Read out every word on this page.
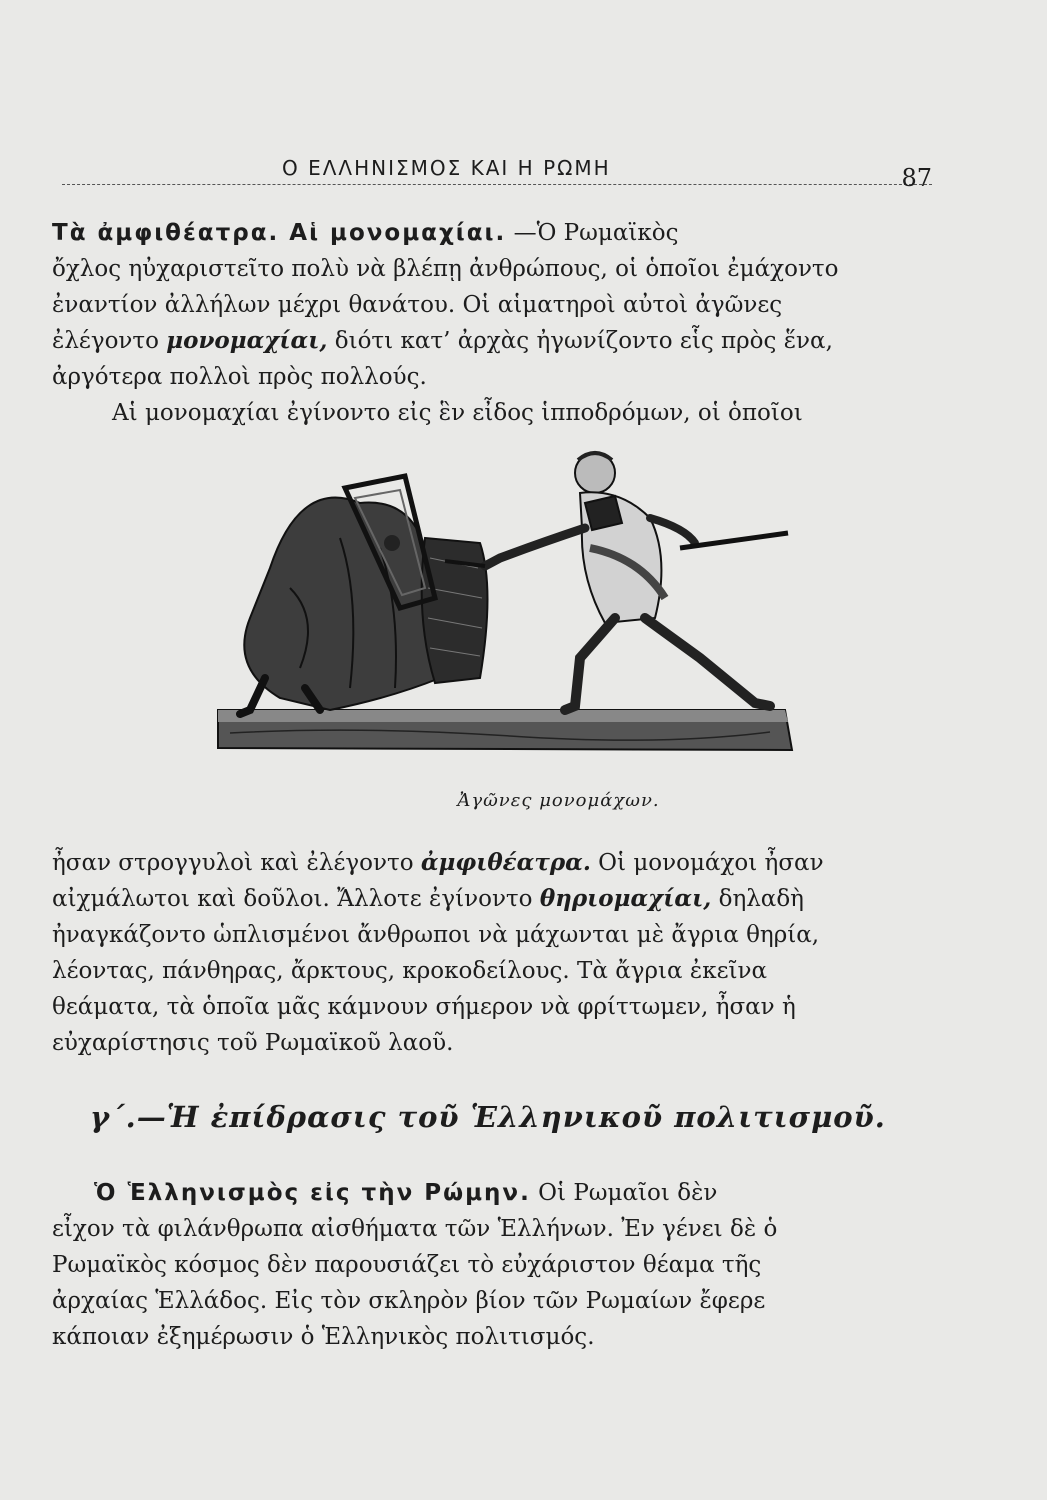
Ο ΕΛΛΗΝΙΣΜΟΣ ΚΑΙ Η ΡΩΜΗ	87
Τὰ ἀμφιθέατρα. Αἱ μονομαχίαι. —Ὁ Ρωμαϊκὸς
ὄχλος ηὐχαριστεῖτο πολὺ νὰ βλέπῃ ἀνθρώπους, οἱ ὁποῖοι ἐμάχοντο
ἐναντίον ἀλλήλων μέχρι θανάτου. Οἱ αἱματηροὶ αὐτοὶ ἀγῶνες
ἐλέγοντο μονομαχίαι, διότι κατ’ ἀρχὰς ἠγωνίζοντο εἷς πρὸς ἕνα,
ἀργότερα πολλοὶ πρὸς πολλούς.
Αἱ μονομαχίαι ἐγίνοντο εἰς ἓν εἶδος ἱπποδρόμων, οἱ ὁποῖοι
Ἀγῶνες μονομάχων.
ἦσαν στρογγυλοὶ καὶ ἐλέγοντο ἀμφιθέατρα. Οἱ μονομάχοι ἦσαν
αἰχμάλωτοι καὶ δοῦλοι. Ἄλλοτε ἐγίνοντο θηριομαχίαι, δηλαδὴ
ἠναγκάζοντο ὡπλισμένοι ἄνθρωποι νὰ μάχωνται μὲ ἄγρια θηρία,
λέοντας, πάνθηρας, ἄρκτους, κροκοδείλους. Τὰ ἄγρια ἐκεῖνα
θεάματα, τὰ ὁποῖα μᾶς κάμνουν σήμερον νὰ φρίττωμεν, ἦσαν ἡ
εὐχαρίστησις τοῦ Ρωμαϊκοῦ λαοῦ.
γ΄.—Ἡ ἐπίδρασις τοῦ Ἑλληνικοῦ πολιτισμοῦ.
Ὁ Ἑλληνισμὸς εἰς τὴν Ρώμην. Οἱ Ρωμαῖοι δὲν
εἶχον τὰ φιλάνθρωπα αἰσθήματα τῶν Ἑλλήνων. Ἐν γένει δὲ ὁ
Ρωμαϊκὸς κόσμος δὲν παρουσιάζει τὸ εὐχάριστον θέαμα τῆς
ἀρχαίας Ἑλλάδος. Εἰς τὸν σκληρὸν βίον τῶν Ρωμαίων ἔφερε
κάποιαν ἐξημέρωσιν ὁ Ἑλληνικὸς πολιτισμός.
